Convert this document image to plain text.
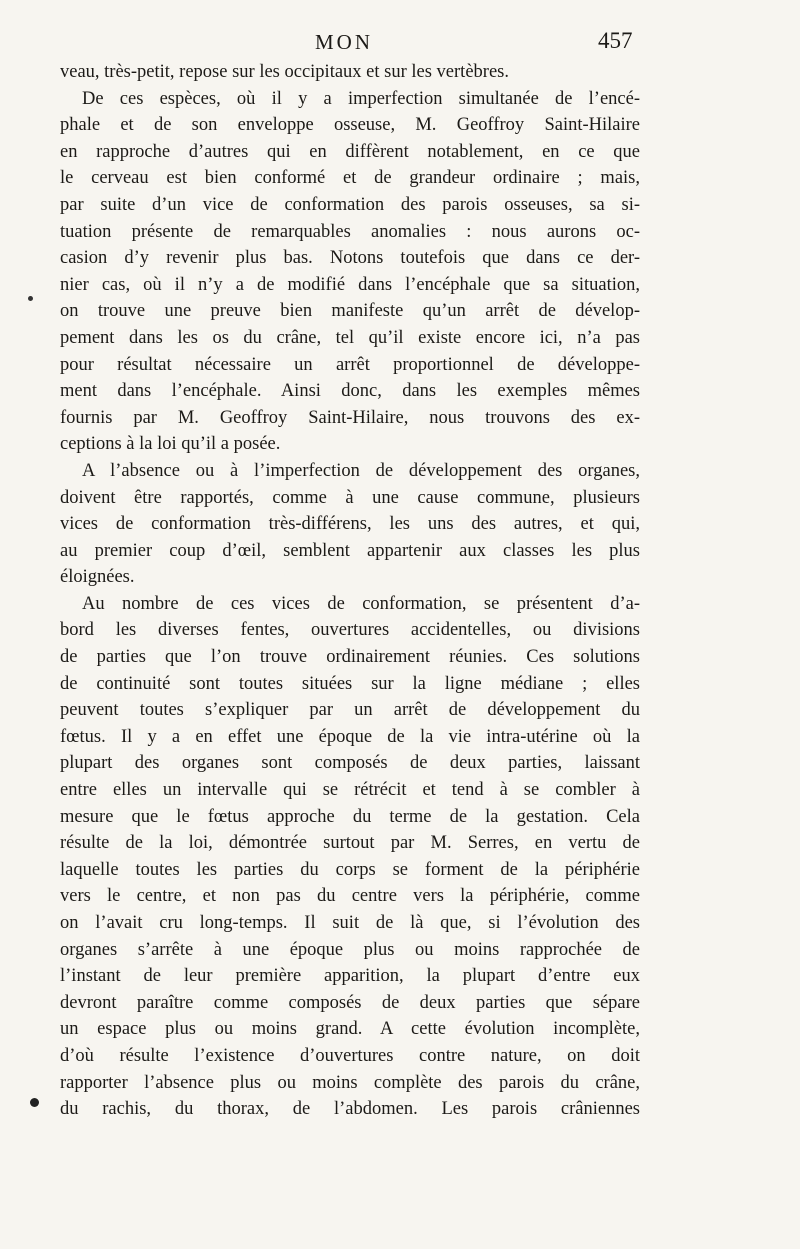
MON	457
veau, très-petit, repose sur les occipitaux et sur les vertèbres.
De ces espèces, où il y a imperfection simultanée de l’encé-
phale et de son enveloppe osseuse, M. Geoffroy Saint-Hilaire
en rapproche d’autres qui en diffèrent notablement, en ce que
le cerveau est bien conformé et de grandeur ordinaire ; mais,
par suite d’un vice de conformation des parois osseuses, sa si-
tuation présente de remarquables anomalies : nous aurons oc-
casion d’y revenir plus bas. Notons toutefois que dans ce der-
nier cas, où il n’y a de modifié dans l’encéphale que sa situation,
on trouve une preuve bien manifeste qu’un arrêt de dévelop-
pement dans les os du crâne, tel qu’il existe encore ici, n’a pas
pour résultat nécessaire un arrêt proportionnel de développe-
ment dans l’encéphale. Ainsi donc, dans les exemples mêmes
fournis par M. Geoffroy Saint-Hilaire, nous trouvons des ex-
ceptions à la loi qu’il a posée.
A l’absence ou à l’imperfection de développement des organes,
doivent être rapportés, comme à une cause commune, plusieurs
vices de conformation très-différens, les uns des autres, et qui,
au premier coup d’œil, semblent appartenir aux classes les plus
éloignées.
Au nombre de ces vices de conformation, se présentent d’a-
bord les diverses fentes, ouvertures accidentelles, ou divisions
de parties que l’on trouve ordinairement réunies. Ces solutions
de continuité sont toutes situées sur la ligne médiane ; elles
peuvent toutes s’expliquer par un arrêt de développement du
fœtus. Il y a en effet une époque de la vie intra-utérine où la
plupart des organes sont composés de deux parties, laissant
entre elles un intervalle qui se rétrécit et tend à se combler à
mesure que le fœtus approche du terme de la gestation. Cela
résulte de la loi, démontrée surtout par M. Serres, en vertu de
laquelle toutes les parties du corps se forment de la périphérie
vers le centre, et non pas du centre vers la périphérie, comme
on l’avait cru long-temps. Il suit de là que, si l’évolution des
organes s’arrête à une époque plus ou moins rapprochée de
l’instant de leur première apparition, la plupart d’entre eux
devront paraître comme composés de deux parties que sépare
un espace plus ou moins grand. A cette évolution incomplète,
d’où résulte l’existence d’ouvertures contre nature, on doit
rapporter l’absence plus ou moins complète des parois du crâne,
du rachis, du thorax, de l’abdomen. Les parois crâniennes
